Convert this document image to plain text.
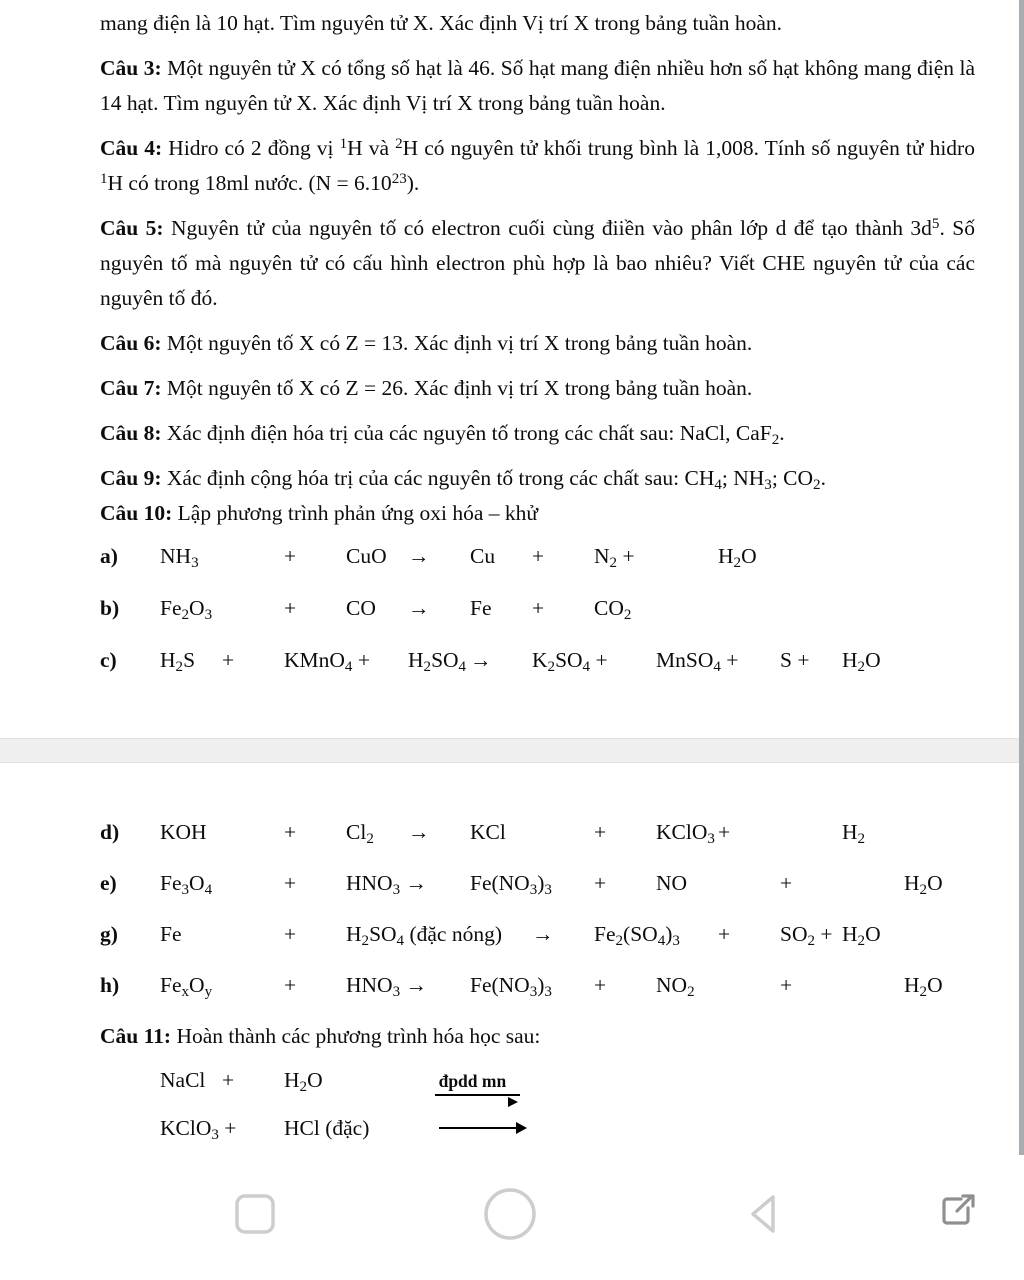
mang điện là 10 hạt. Tìm nguyên tử X. Xác định Vị trí X trong bảng tuần hoàn.

Câu 3: Một nguyên tử X có tổng số hạt là 46. Số hạt mang điện nhiều hơn số hạt không mang điện là 14 hạt. Tìm nguyên tử X. Xác định Vị trí X trong bảng tuần hoàn.

Câu 4: Hidro có 2 đồng vị $^1$H và $^2$H có nguyên tử khối trung bình là 1,008. Tính số nguyên tử hidro $^1$H có trong 18ml nước. $(N = 6.10^{23})$.

Câu 5: Nguyên tử của nguyên tố có electron cuối cùng điiền vào phân lớp d để tạo thành $3d^5$. Số nguyên tố mà nguyên tử có cấu hình electron phù hợp là bao nhiêu? Viết CHE nguyên tử của các nguyên tố đó.

Câu 6: Một nguyên tố X có Z = 13. Xác định vị trí X trong bảng tuần hoàn.

Câu 7: Một nguyên tố X có Z = 26. Xác định vị trí X trong bảng tuần hoàn.

Câu 8: Xác định điện hóa trị của các nguyên tố trong các chất sau: NaCl, CaF$_2$.

Câu 9: Xác định cộng hóa trị của các nguyên tố trong các chất sau: $CH_4$; $NH_3$; $CO_2$.

Câu 10: Lập phương trình phản ứng oxi hóa – khử

a)	$NH_3$		+	CuO	→	Cu	+	$N_2$ +		$H_2O$
b)	$Fe_2O_3$		+	CO	→	Fe	+	$CO_2$
c)	$H_2S$	+	KMnO$_4$ +	$H_2SO_4$	→	$K_2SO_4$ +	MnSO$_4$ +	S +	$H_2O$
d)	KOH		+	$Cl_2$	→	KCl		+	KClO$_3$	+		$H_2$
e)	$Fe_3O_4$		+	$HNO_3$ →	$Fe(NO_3)_3$	+	NO		+		$H_2O$
g)	Fe		+	$H_2SO_4$ (đặc nóng)	→	$Fe_2(SO_4)_3$	+	$SO_2$ +	$H_2O$
h)	$Fe_xO_y$		+	$HNO_3$ →	$Fe(NO_3)_3$	+	$NO_2$		+		$H_2O$

Câu 11: Hoàn thành các phương trình hóa học sau:

NaCl	+	$H_2O$	đpdd mn
KClO$_3$ +	HCl (đặc)
